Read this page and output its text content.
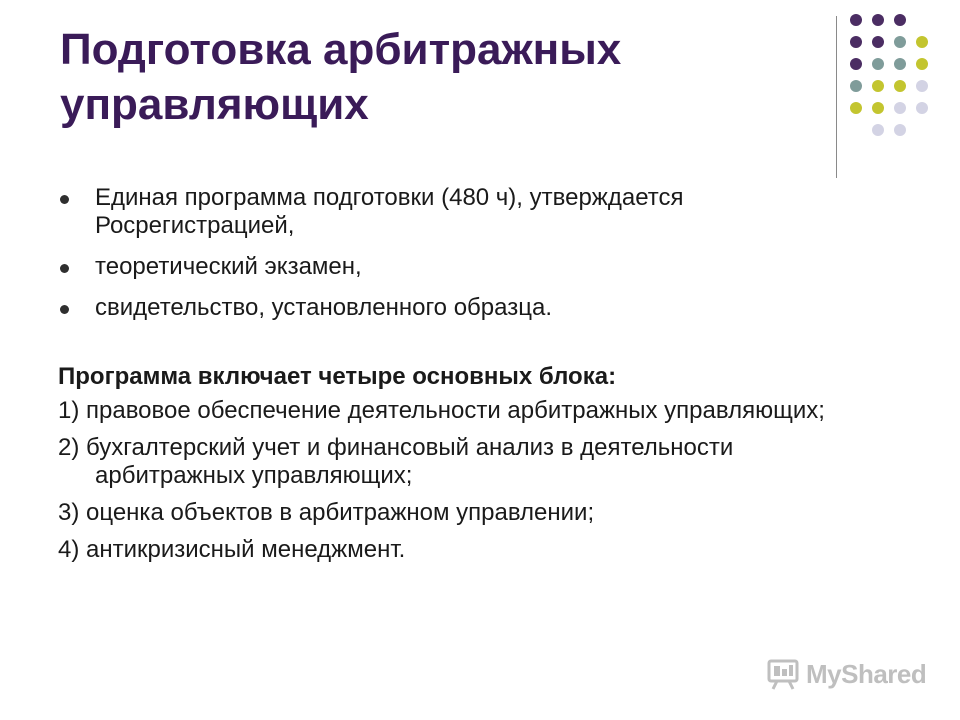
Подготовка арбитражных управляющих
Единая программа подготовки (480 ч), утверждается Росрегистрацией,
теоретический экзамен,
свидетельство, установленного образца.

Программа включает четыре основных блока:

1) правовое обеспечение деятельности арбитражных управляющих;

2) бухгалтерский учет и финансовый анализ в деятельности арбитражных управляющих;

3) оценка объектов в арбитражном управлении;

4) антикризисный менеджмент.

MyShared
